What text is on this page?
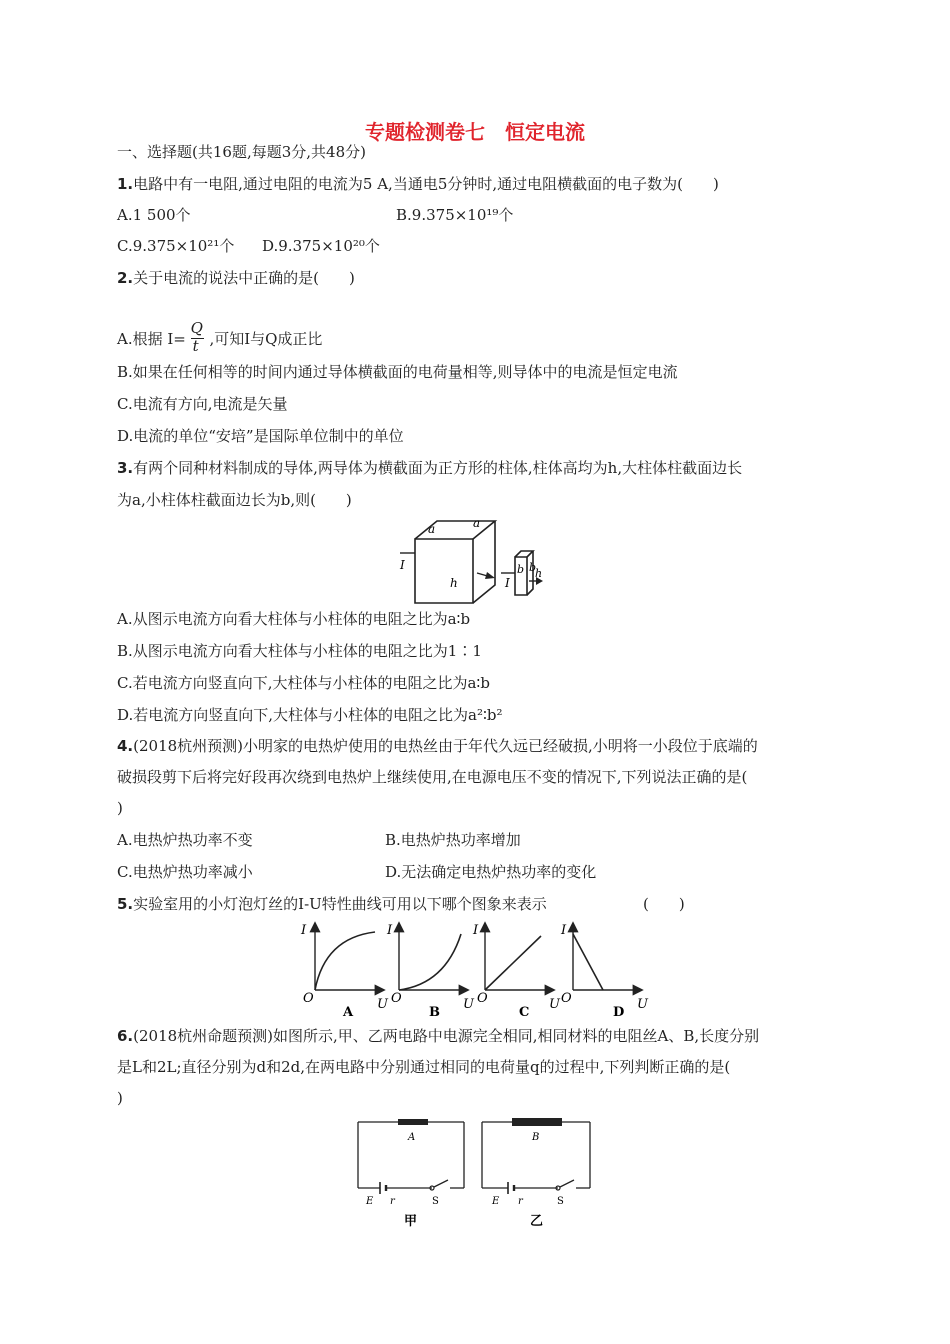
专题检测卷七　恒定电流
一、选择题(共16题,每题3分,共48分)
1.电路中有一电阻,通过电阻的电流为5 A,当通电5分钟时,通过电阻横截面的电子数为(　　)
A.1 500个	B.9.375×10¹⁹个
C.9.375×10²¹个 D.9.375×10²⁰个
2.关于电流的说法中正确的是(　　)
A.根据 I=
$\frac{Q}{t}$
,可知I与Q成正比
B.如果在任何相等的时间内通过导体横截面的电荷量相等,则导体中的电流是恒定电流
C.电流有方向,电流是矢量
D.电流的单位“安培”是国际单位制中的单位
3.有两个同种材料制成的导体,两导体为横截面为正方形的柱体,柱体高均为h,大柱体柱截面边长
为a,小柱体柱截面边长为b,则(　　)
a	a
h
I
I
b b
h
A.从图示电流方向看大柱体与小柱体的电阻之比为a∶b
B.从图示电流方向看大柱体与小柱体的电阻之比为1∶1
C.若电流方向竖直向下,大柱体与小柱体的电阻之比为a∶b
D.若电流方向竖直向下,大柱体与小柱体的电阻之比为a²∶b²
4.(2018杭州预测)小明家的电热炉使用的电热丝由于年代久远已经破损,小明将一小段位于底端的
破损段剪下后将完好段再次绕到电热炉上继续使用,在电源电压不变的情况下,下列说法正确的是(
)
A.电热炉热功率不变	B.电热炉热功率增加
C.电热炉热功率减小	D.无法确定电热炉热功率的变化
5.实验室用的小灯泡灯丝的I-U特性曲线可用以下哪个图象来表示	(　　)
I
O	U
A
I
O	U
B
I
O	U
C
I
O	U
D
6.(2018杭州命题预测)如图所示,甲、乙两电路中电源完全相同,相同材料的电阻丝A、B,长度分别
是L和2L;直径分别为d和2d,在两电路中分别通过相同的电荷量q的过程中,下列判断正确的是(
)
A
E r	S
甲
B
E r	S
乙
